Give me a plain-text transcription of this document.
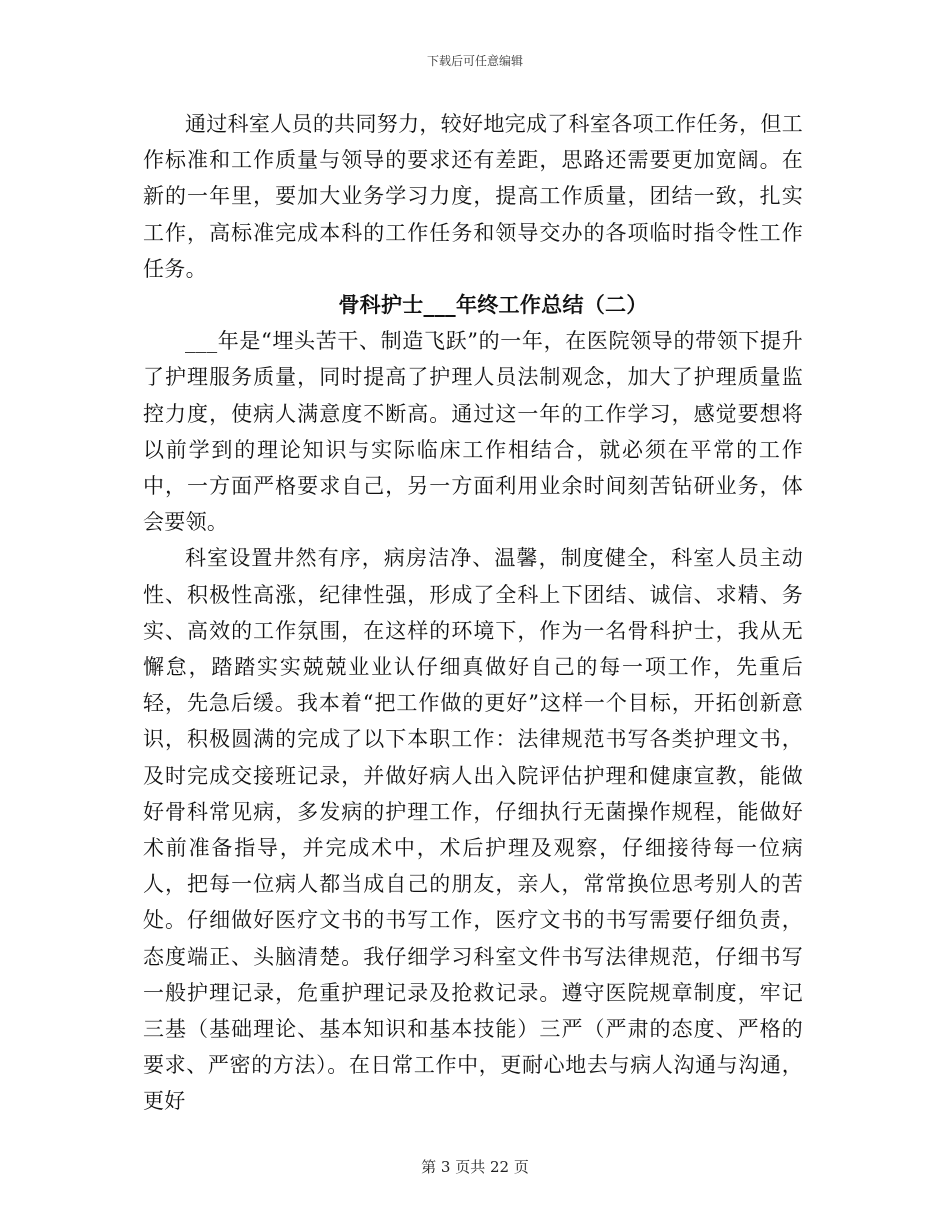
下载后可任意编辑

通过科室人员的共同努力，较好地完成了科室各项工作任务，但工作标准和工作质量与领导的要求还有差距，思路还需要更加宽阔。在新的一年里，要加大业务学习力度，提高工作质量，团结一致，扎实工作，高标准完成本科的工作任务和领导交办的各项临时指令性工作任务。

骨科护士___年终工作总结（二）

___年是“埋头苦干、制造飞跃”的一年，在医院领导的带领下提升了护理服务质量，同时提高了护理人员法制观念，加大了护理质量监控力度，使病人满意度不断高。通过这一年的工作学习，感觉要想将以前学到的理论知识与实际临床工作相结合，就必须在平常的工作中，一方面严格要求自己，另一方面利用业余时间刻苦钻研业务，体会要领。

科室设置井然有序，病房洁净、温馨，制度健全，科室人员主动性、积极性高涨，纪律性强，形成了全科上下团结、诚信、求精、务实、高效的工作氛围，在这样的环境下，作为一名骨科护士，我从无懈怠，踏踏实实兢兢业业认仔细真做好自己的每一项工作，先重后轻，先急后缓。我本着“把工作做的更好”这样一个目标，开拓创新意识，积极圆满的完成了以下本职工作：法律规范书写各类护理文书，及时完成交接班记录，并做好病人出入院评估护理和健康宣教，能做好骨科常见病，多发病的护理工作，仔细执行无菌操作规程，能做好术前准备指导，并完成术中，术后护理及观察，仔细接待每一位病人，把每一位病人都当成自己的朋友，亲人，常常换位思考别人的苦处。仔细做好医疗文书的书写工作，医疗文书的书写需要仔细负责，态度端正、头脑清楚。我仔细学习科室文件书写法律规范，仔细书写一般护理记录，危重护理记录及抢救记录。遵守医院规章制度，牢记三基（基础理论、基本知识和基本技能）三严（严肃的态度、严格的要求、严密的方法）。在日常工作中，更耐心地去与病人沟通与沟通，更好

第 3 页共 22 页
